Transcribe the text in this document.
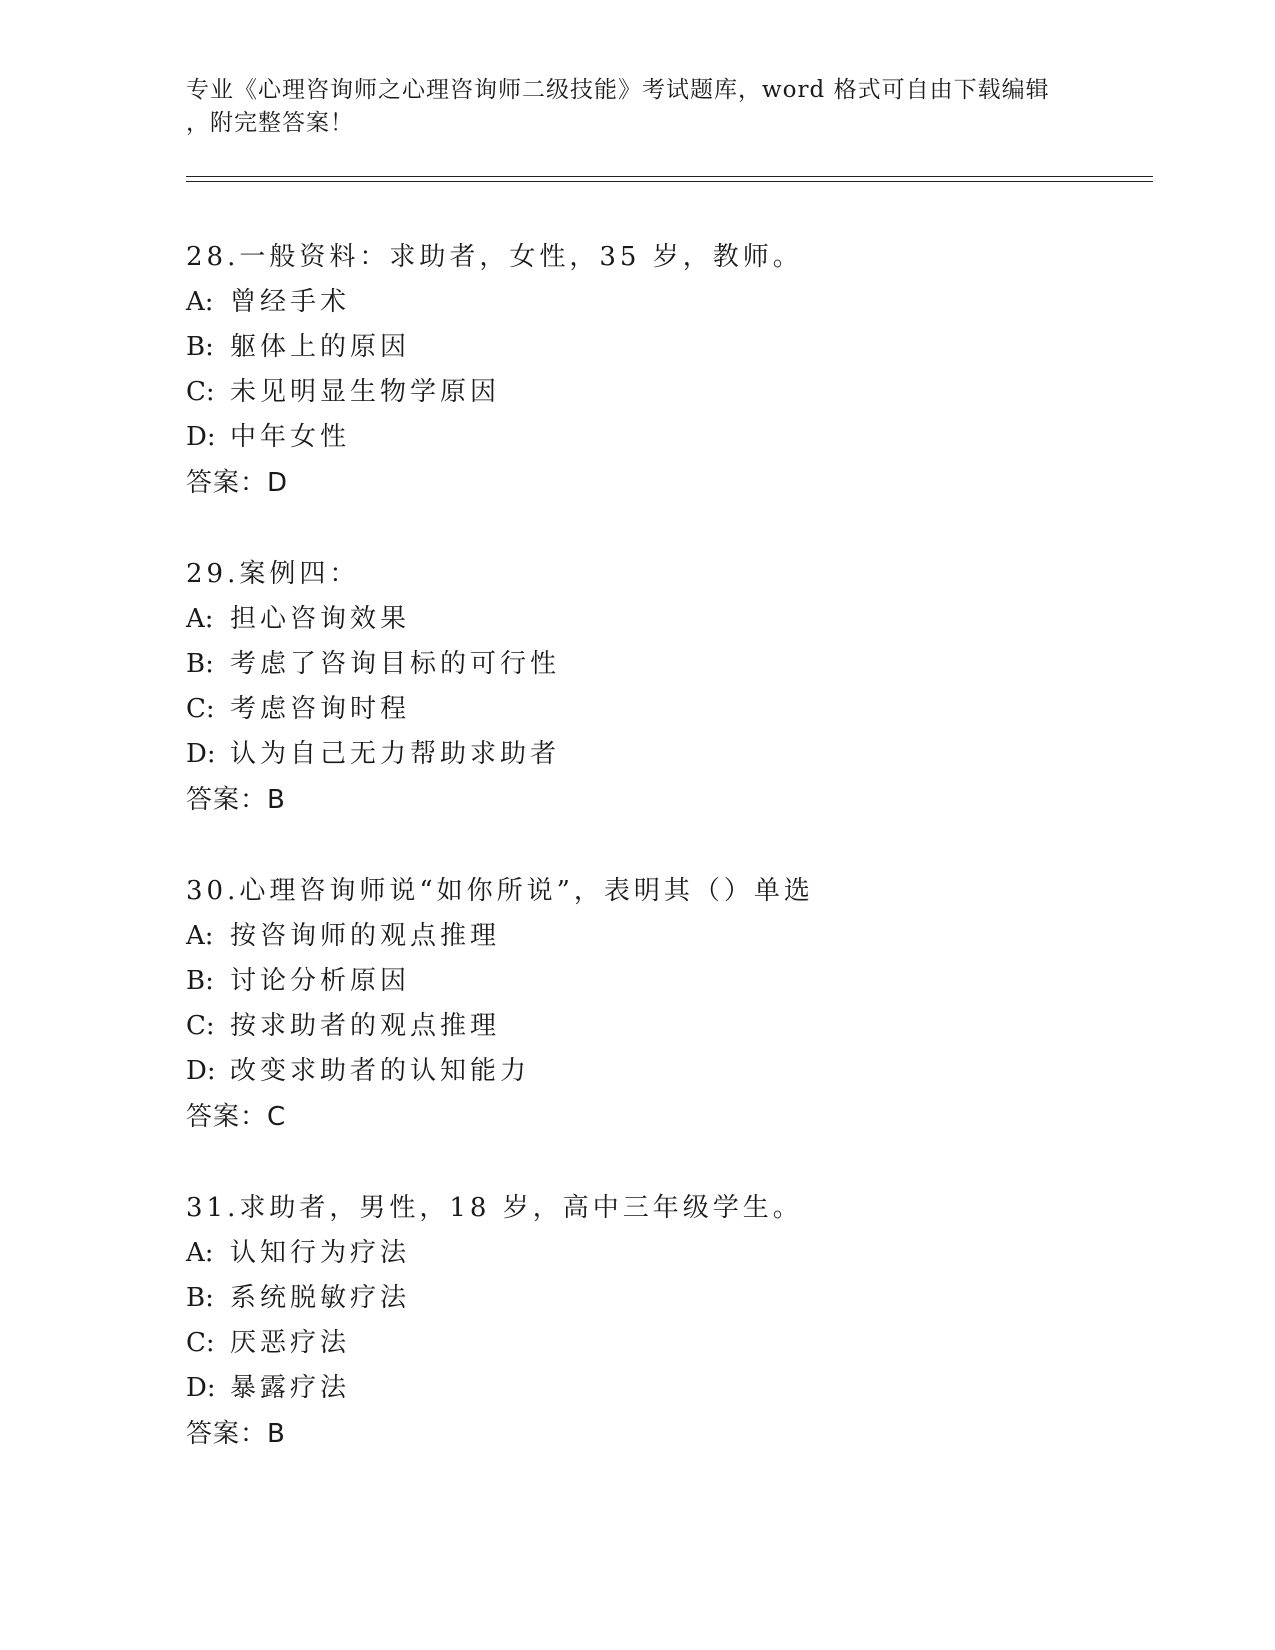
专业《心理咨询师之心理咨询师二级技能》考试题库，word 格式可自由下载编辑
，附完整答案！
28.一般资料：求助者，女性，35 岁，教师。
A: 曾经手术
B: 躯体上的原因
C: 未见明显生物学原因
D: 中年女性
答案：D
29.案例四：
A: 担心咨询效果
B: 考虑了咨询目标的可行性
C: 考虑咨询时程
D: 认为自己无力帮助求助者
答案：B
30.心理咨询师说“如你所说”，表明其（）单选
A: 按咨询师的观点推理
B: 讨论分析原因
C: 按求助者的观点推理
D: 改变求助者的认知能力
答案：C
31.求助者，男性，18 岁，高中三年级学生。
A: 认知行为疗法
B: 系统脱敏疗法
C: 厌恶疗法
D: 暴露疗法
答案：B
